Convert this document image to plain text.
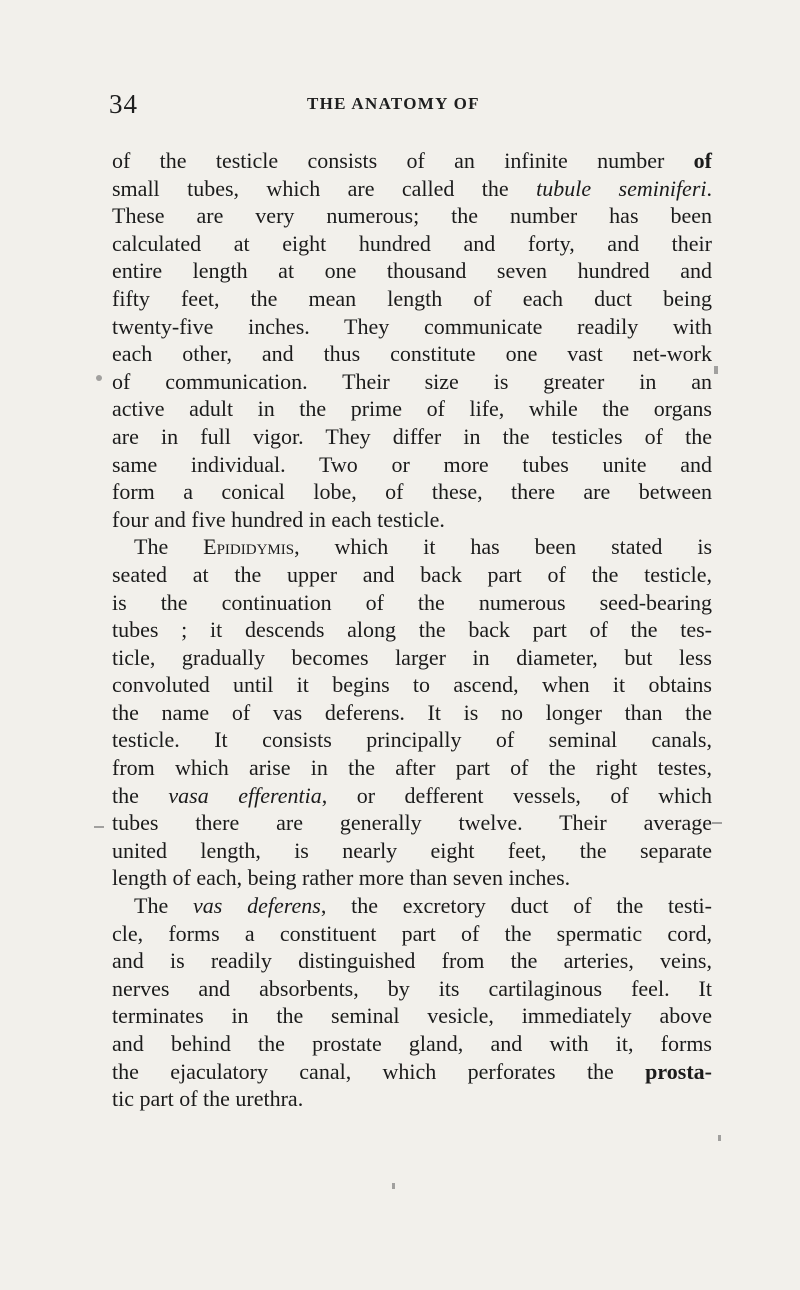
34	THE ANATOMY OF
of the testicle consists of an infinite number of
small tubes, which are called the tubule seminiferi.
These are very numerous; the number has been
calculated at eight hundred and forty, and their
entire length at one thousand seven hundred and
fifty feet, the mean length of each duct being
twenty-five inches. They communicate readily with
each other, and thus constitute one vast net-work
of communication. Their size is greater in an
active adult in the prime of life, while the organs
are in full vigor. They differ in the testicles of the
same individual. Two or more tubes unite and
form a conical lobe, of these, there are between
four and five hundred in each testicle.
The Epididymis, which it has been stated is
seated at the upper and back part of the testicle,
is the continuation of the numerous seed-bearing
tubes ; it descends along the back part of the tes-
ticle, gradually becomes larger in diameter, but less
convoluted until it begins to ascend, when it obtains
the name of vas deferens. It is no longer than the
testicle. It consists principally of seminal canals,
from which arise in the after part of the right testes,
the vasa efferentia, or defferent vessels, of which
tubes there are generally twelve. Their average
united length, is nearly eight feet, the separate
length of each, being rather more than seven inches.
The vas deferens, the excretory duct of the testi-
cle, forms a constituent part of the spermatic cord,
and is readily distinguished from the arteries, veins,
nerves and absorbents, by its cartilaginous feel. It
terminates in the seminal vesicle, immediately above
and behind the prostate gland, and with it, forms
the ejaculatory canal, which perforates the prosta-
tic part of the urethra.
